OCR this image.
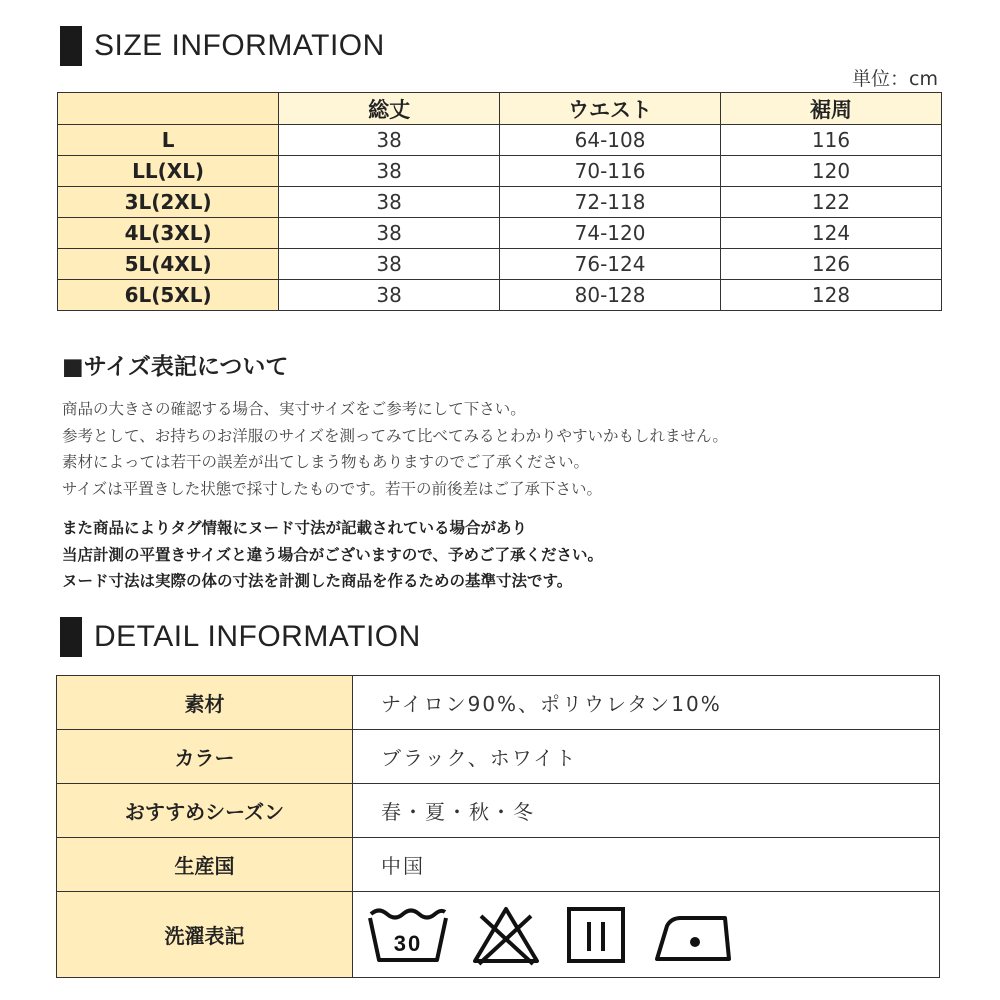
SIZE INFORMATION
単位：cm
	総丈	ウエスト	裾周
L	38	64-108	116
LL(XL)	38	70-116	120
3L(2XL)	38	72-118	122
4L(3XL)	38	74-120	124
5L(4XL)	38	76-124	126
6L(5XL)	38	80-128	128
■サイズ表記について
商品の大きさの確認する場合、実寸サイズをご参考にして下さい。
参考として、お持ちのお洋服のサイズを測ってみて比べてみるとわかりやすいかもしれません。
素材によっては若干の誤差が出てしまう物もありますのでご了承ください。
サイズは平置きした状態で採寸したものです。若干の前後差はご了承下さい。
また商品によりタグ情報にヌード寸法が記載されている場合があり
当店計測の平置きサイズと違う場合がございますので、予めご了承ください。
ヌード寸法は実際の体の寸法を計測した商品を作るための基準寸法です。
DETAIL INFORMATION
素材	ナイロン90%、ポリウレタン10%
カラー	ブラック、ホワイト
おすすめシーズン	春・夏・秋・冬
生産国	中国
洗濯表記	30
